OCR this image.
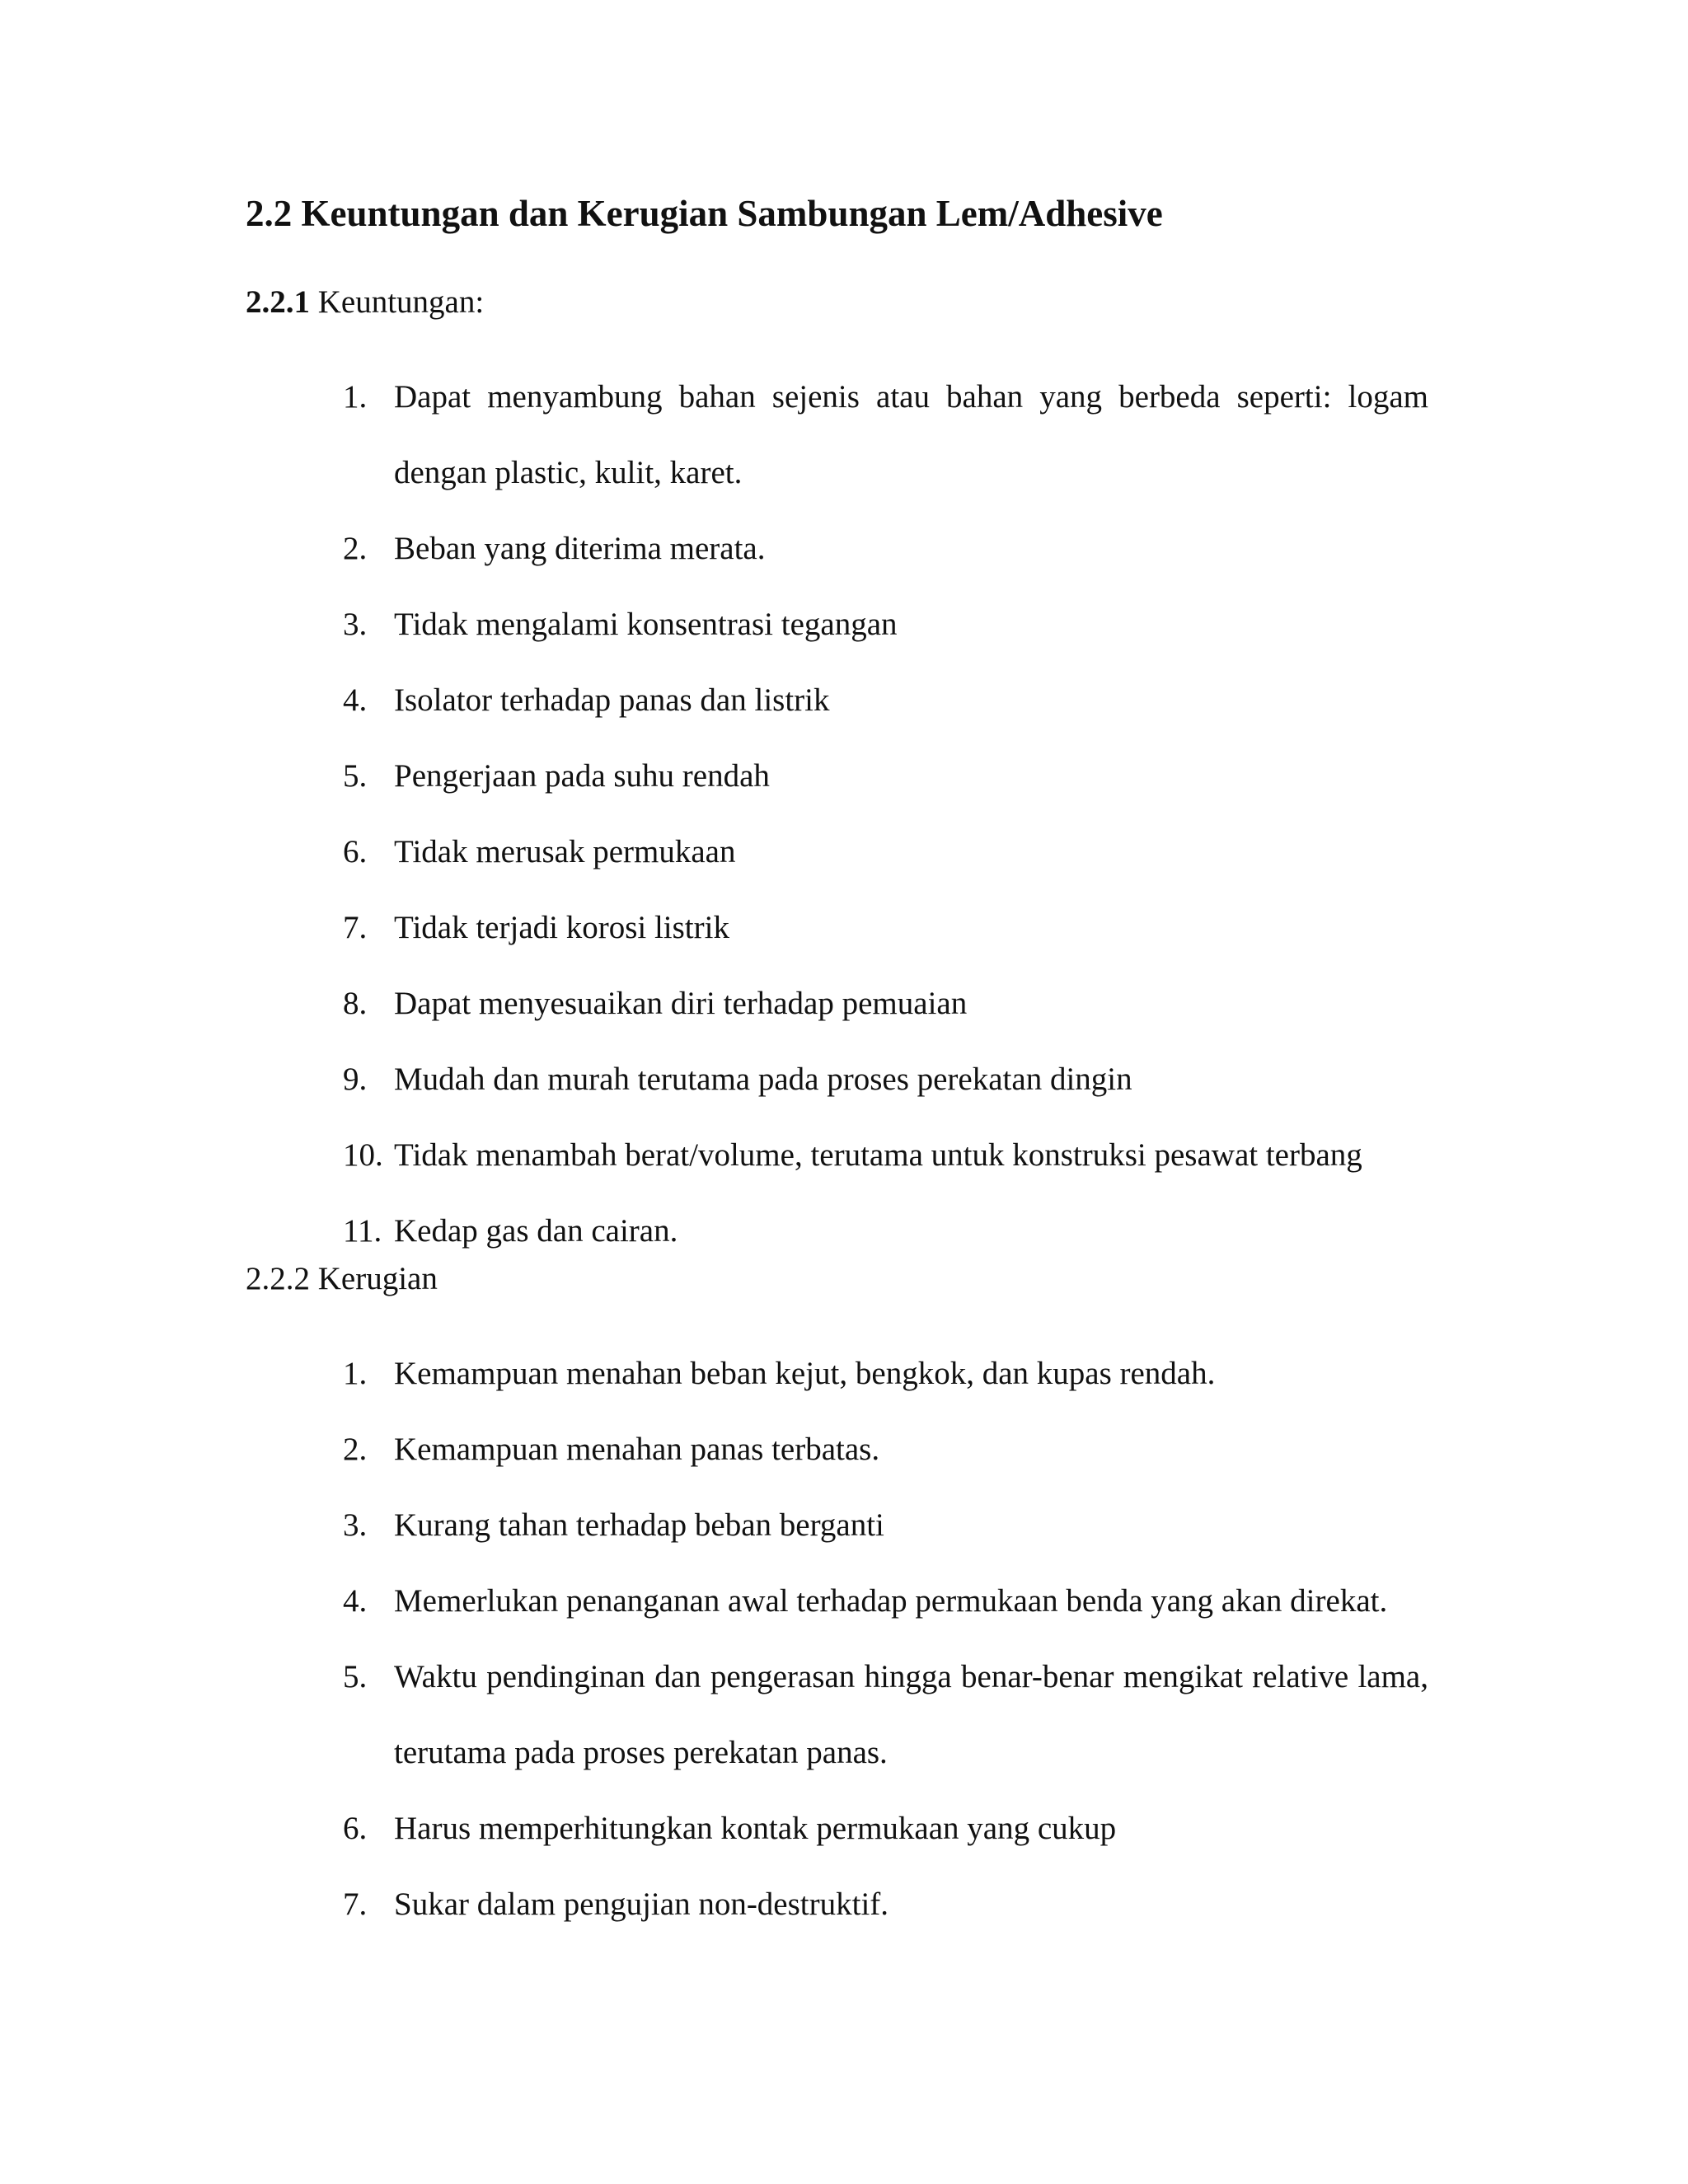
2.2 Keuntungan dan Kerugian Sambungan Lem/Adhesive
2.2.1 Keuntungan:
1. Dapat menyambung bahan sejenis atau bahan yang berbeda seperti: logam dengan plastic, kulit, karet.
2. Beban yang diterima merata.
3. Tidak mengalami konsentrasi tegangan
4. Isolator terhadap panas dan listrik
5. Pengerjaan pada suhu rendah
6. Tidak merusak permukaan
7. Tidak terjadi korosi listrik
8. Dapat menyesuaikan diri terhadap pemuaian
9. Mudah dan murah terutama pada proses perekatan dingin
10. Tidak menambah berat/volume, terutama untuk konstruksi pesawat terbang
11. Kedap gas dan cairan.
2.2.2 Kerugian
1. Kemampuan menahan beban kejut, bengkok, dan kupas rendah.
2. Kemampuan menahan panas terbatas.
3. Kurang tahan terhadap beban berganti
4. Memerlukan penanganan awal terhadap permukaan benda yang akan direkat.
5. Waktu pendinginan dan pengerasan hingga benar-benar mengikat relative lama, terutama pada proses perekatan panas.
6. Harus memperhitungkan kontak permukaan yang cukup
7. Sukar dalam pengujian non-destruktif.
